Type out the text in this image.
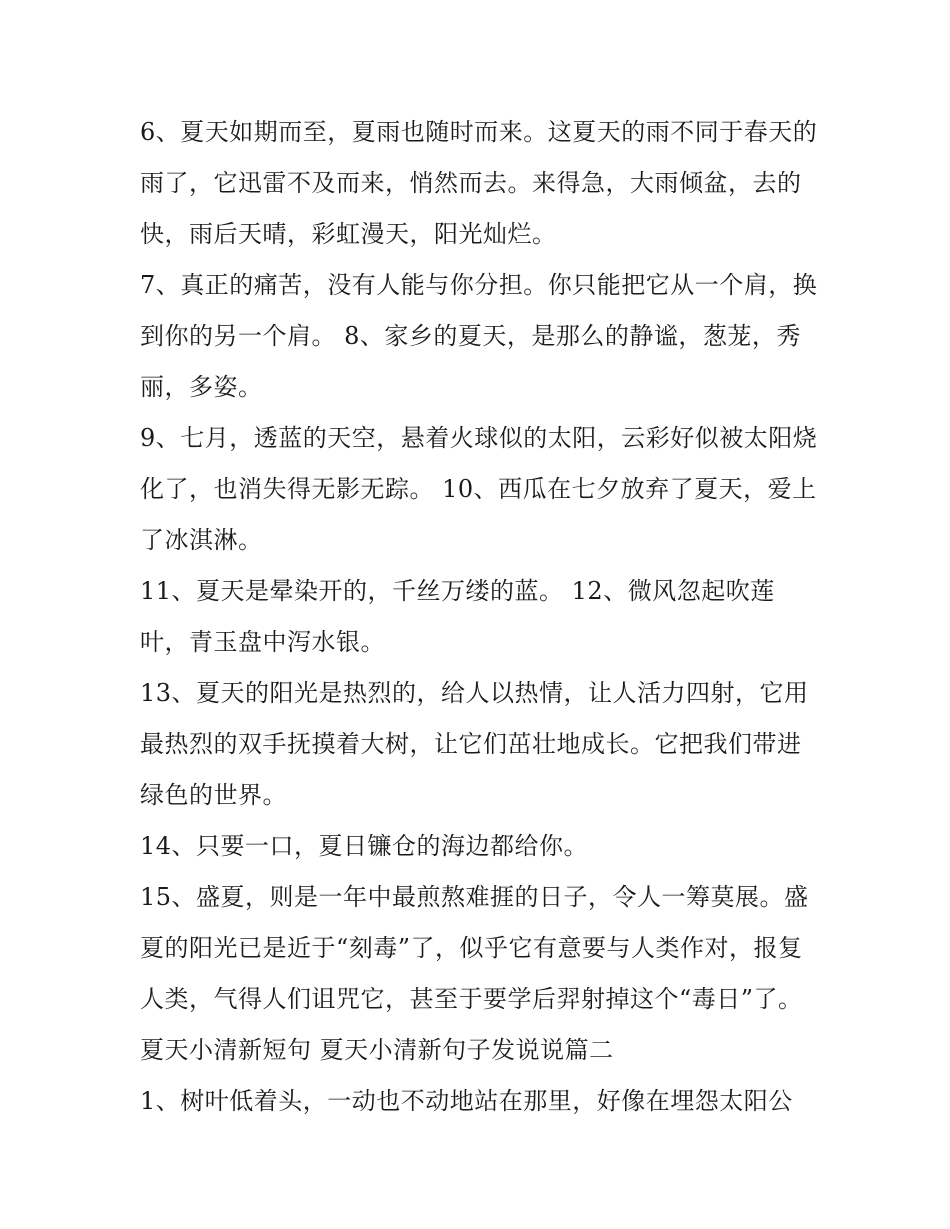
6、夏天如期而至，夏雨也随时而来。这夏天的雨不同于春天的雨了，它迅雷不及而来，悄然而去。来得急，大雨倾盆，去的快，雨后天晴，彩虹漫天，阳光灿烂。

7、真正的痛苦，没有人能与你分担。你只能把它从一个肩，换到你的另一个肩。 8、家乡的夏天，是那么的静谧，葱茏，秀丽，多姿。

9、七月，透蓝的天空，悬着火球似的太阳，云彩好似被太阳烧化了，也消失得无影无踪。 10、西瓜在七夕放弃了夏天，爱上了冰淇淋。

11、夏天是晕染开的，千丝万缕的蓝。 12、微风忽起吹莲叶，青玉盘中泻水银。

13、夏天的阳光是热烈的，给人以热情，让人活力四射，它用最热烈的双手抚摸着大树，让它们茁壮地成长。它把我们带进绿色的世界。

14、只要一口，夏日镰仓的海边都给你。

15、盛夏，则是一年中最煎熬难捱的日子，令人一筹莫展。盛夏的阳光已是近于“刻毒”了，似乎它有意要与人类作对，报复人类，气得人们诅咒它，甚至于要学后羿射掉这个“毒日”了。

夏天小清新短句 夏天小清新句子发说说篇二

1、树叶低着头，一动也不动地站在那里，好像在埋怨太阳公
